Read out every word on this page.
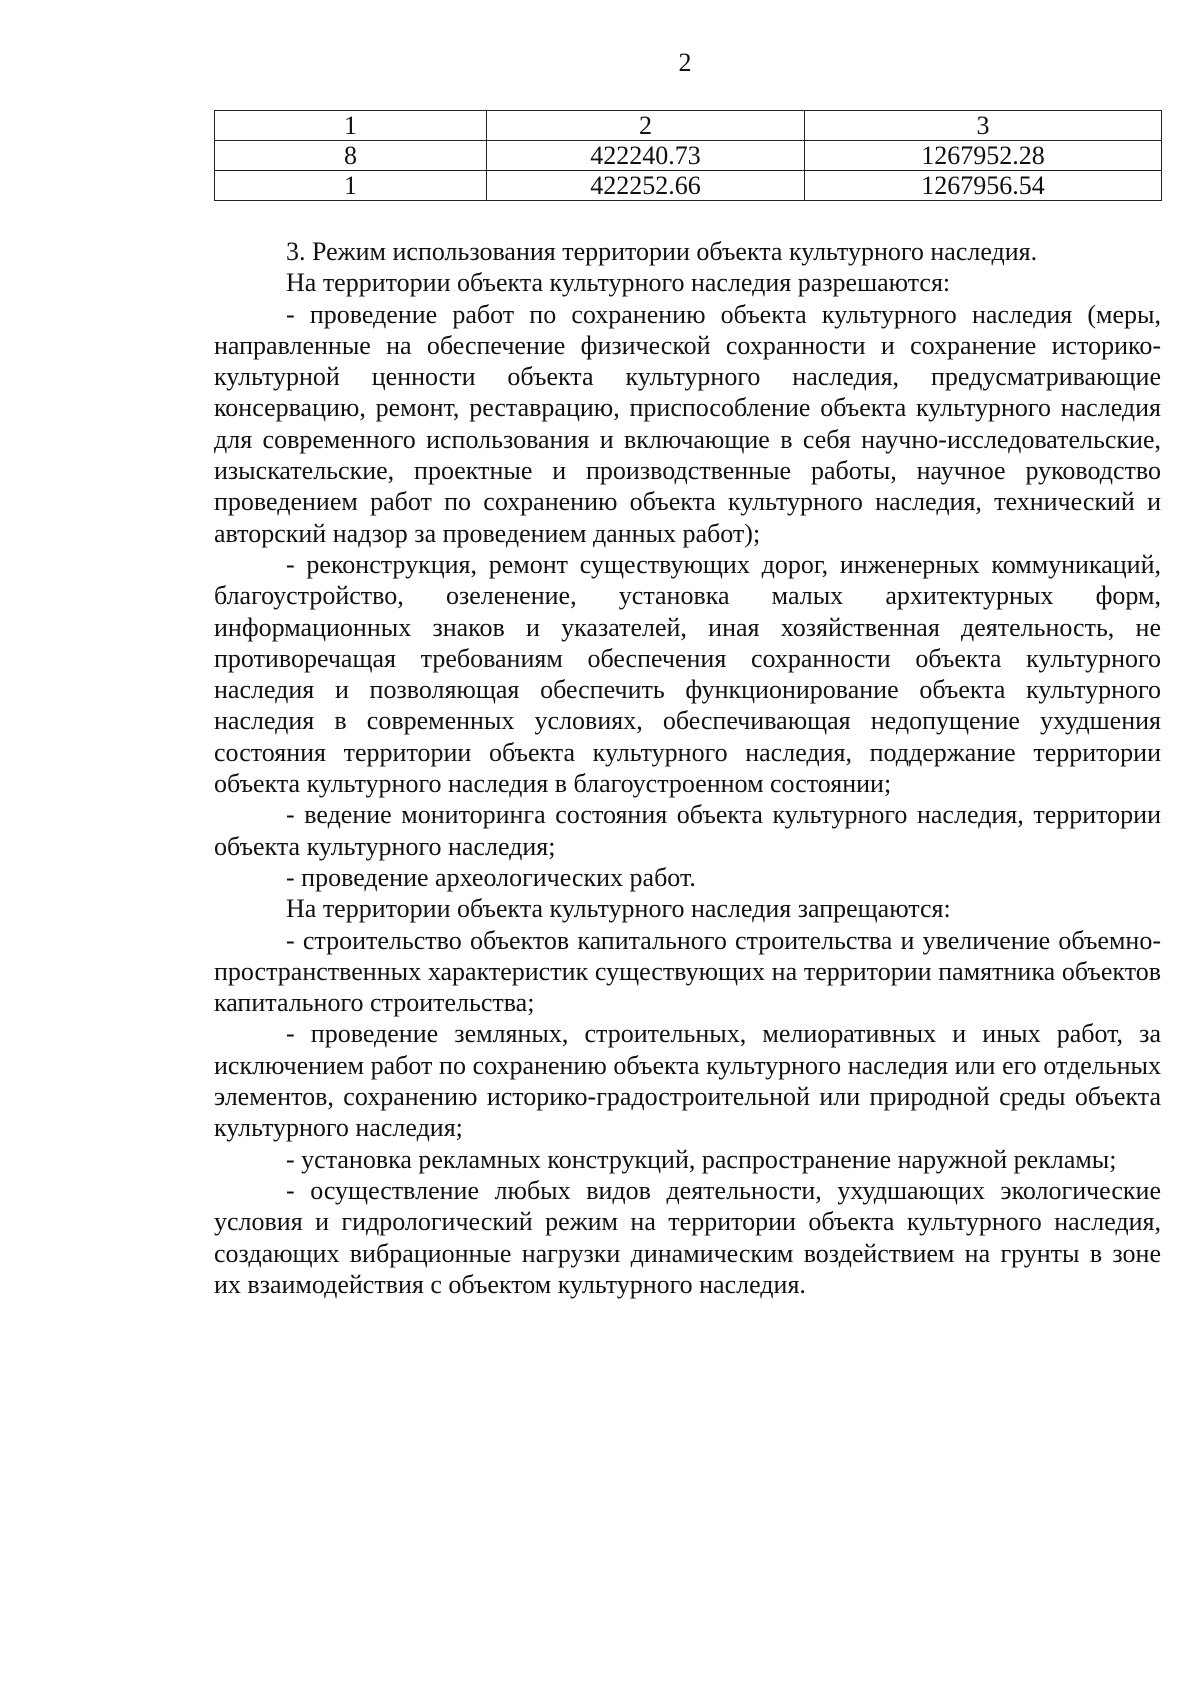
2
1	2	3
8	422240.73	1267952.28
1	422252.66	1267956.54

3. Режим использования территории объекта культурного наследия.

На территории объекта культурного наследия разрешаются:

- проведение работ по сохранению объекта культурного наследия (меры, направленные на обеспечение физической сохранности и сохранение историко-культурной ценности объекта культурного наследия, предусматривающие консервацию, ремонт, реставрацию, приспособление объекта культурного наследия для современного использования и включающие в себя научно-исследовательские, изыскательские, проектные и производственные работы, научное руководство проведением работ по сохранению объекта культурного наследия, технический и авторский надзор за проведением данных работ);

- реконструкция, ремонт существующих дорог, инженерных коммуникаций, благоустройство, озеленение, установка малых архитектурных форм, информационных знаков и указателей, иная хозяйственная деятельность, не противоречащая требованиям обеспечения сохранности объекта культурного наследия и позволяющая обеспечить функционирование объекта культурного наследия в современных условиях, обеспечивающая недопущение ухудшения состояния территории объекта культурного наследия, поддержание территории объекта культурного наследия в благоустроенном состоянии;

- ведение мониторинга состояния объекта культурного наследия, территории объекта культурного наследия;

- проведение археологических работ.

На территории объекта культурного наследия запрещаются:

- строительство объектов капитального строительства и увеличение объемно-пространственных характеристик существующих на территории памятника объектов капитального строительства;

- проведение земляных, строительных, мелиоративных и иных работ, за исключением работ по сохранению объекта культурного наследия или его отдельных элементов, сохранению историко-градостроительной или природной среды объекта культурного наследия;

- установка рекламных конструкций, распространение наружной рекламы;

- осуществление любых видов деятельности, ухудшающих экологические условия и гидрологический режим на территории объекта культурного наследия, создающих вибрационные нагрузки динамическим воздействием на грунты в зоне их взаимодействия с объектом культурного наследия.
